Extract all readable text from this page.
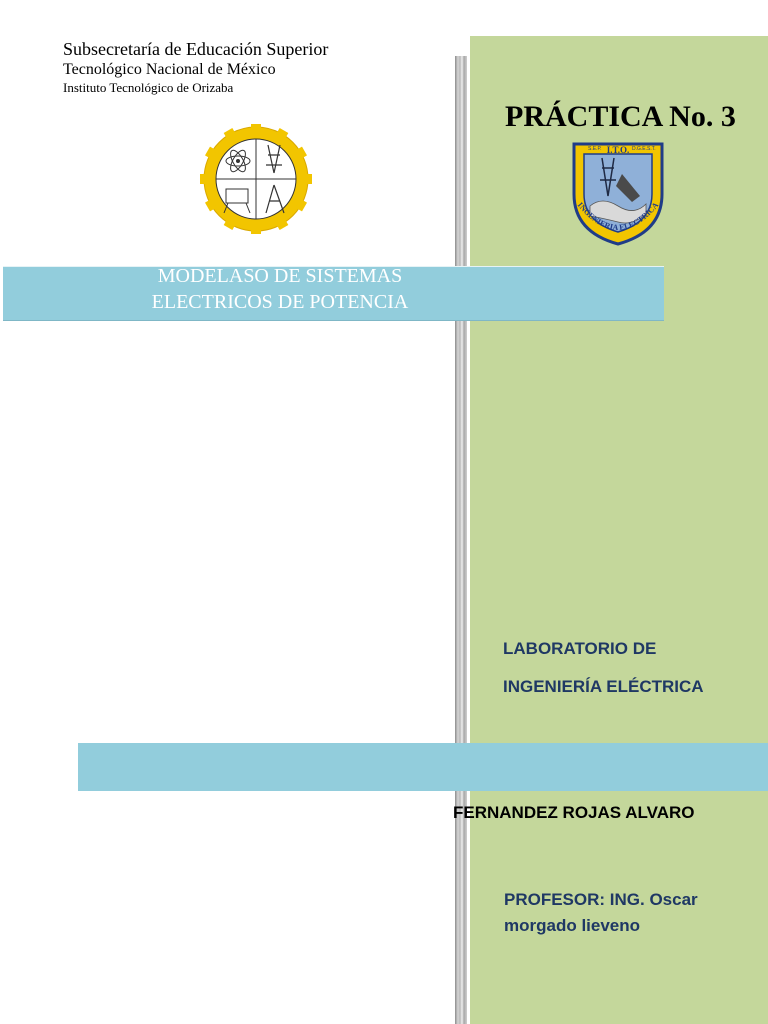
Subsecretaría de Educación Superior
Tecnológico Nacional de México
Instituto Tecnológico de Orizaba
PRÁCTICA No. 3
I.T.O.
S.E.P.	D.G.E.S.T.
INGENIERIA ELECTRICA
MODELASO DE SISTEMAS
ELECTRICOS DE POTENCIA
LABORATORIO DE
INGENIERÍA ELÉCTRICA
FERNANDEZ ROJAS ALVARO
PROFESOR: ING. Oscar
morgado lieveno
